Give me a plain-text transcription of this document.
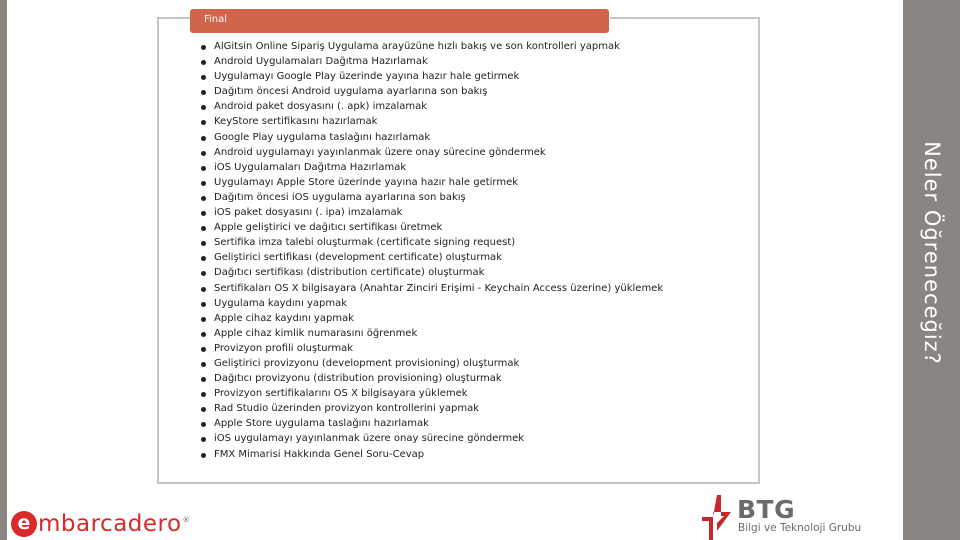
Neler Öğreneceğiz?
Final
AlGitsin Online Sipariş Uygulama arayüzüne hızlı bakış ve son kontrolleri yapmak
Android Uygulamaları Dağıtma Hazırlamak
Uygulamayı Google Play üzerinde yayına hazır hale getirmek
Dağıtım öncesi Android uygulama ayarlarına son bakış
Android paket dosyasını (. apk) imzalamak
KeyStore sertifikasını hazırlamak
Google Play uygulama taslağını hazırlamak
Android uygulamayı yayınlanmak üzere onay sürecine göndermek
iOS Uygulamaları Dağıtma Hazırlamak
Uygulamayı Apple Store üzerinde yayına hazır hale getirmek
Dağıtım öncesi iOS uygulama ayarlarına son bakış
iOS paket dosyasını (. ipa) imzalamak
Apple geliştirici ve dağıtıcı sertifikası üretmek
Sertifika imza talebi oluşturmak (certificate signing request)
Geliştirici sertifikası (development certificate) oluşturmak
Dağıtıcı sertifikası (distribution certificate) oluşturmak
Sertifikaları OS X bilgisayara (Anahtar Zinciri Erişimi - Keychain Access üzerine) yüklemek
Uygulama kaydını yapmak
Apple cihaz kaydını yapmak
Apple cihaz kimlik numarasını öğrenmek
Provizyon profili oluşturmak
Geliştirici provizyonu (development provisioning) oluşturmak
Dağıtıcı provizyonu (distribution provisioning) oluşturmak
Provizyon sertifikalarını OS X bilgisayara yüklemek
Rad Studio üzerinden provizyon kontrollerini yapmak
Apple Store uygulama taslağını hazırlamak
iOS uygulamayı yayınlanmak üzere onay sürecine göndermek
FMX Mimarisi Hakkında Genel Soru-Cevap
e mbarcadero ®	BTG
Bilgi ve Teknoloji Grubu
